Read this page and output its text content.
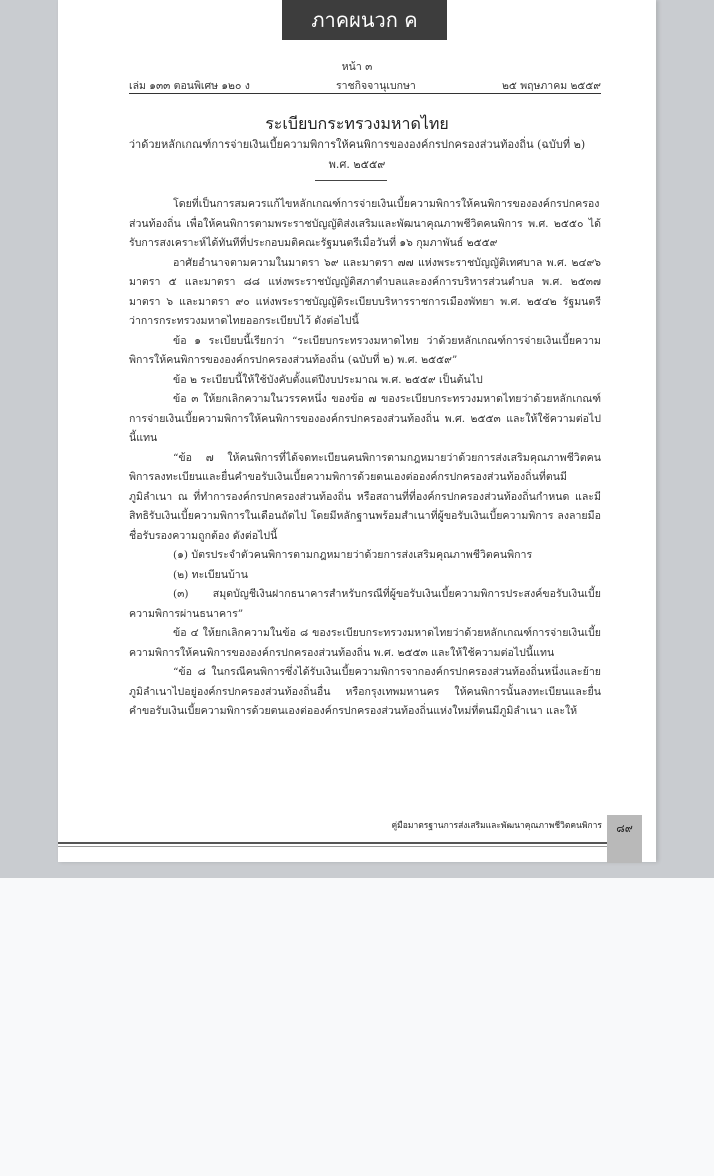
ภาคผนวก ค
หน้า ๓
เล่ม ๑๓๓ ตอนพิเศษ ๑๒๐ ง	ราชกิจจานุเบกษา	๒๕ พฤษภาคม ๒๕๕๙
ระเบียบกระทรวงมหาดไทย
ว่าด้วยหลักเกณฑ์การจ่ายเงินเบี้ยความพิการให้คนพิการขององค์กรปกครองส่วนท้องถิ่น (ฉบับที่ ๒)
พ.ศ. ๒๕๕๙

โดยที่เป็นการสมควรแก้ไขหลักเกณฑ์การจ่ายเงินเบี้ยความพิการให้คนพิการขององค์กรปกครองส่วนท้องถิ่น เพื่อให้คนพิการตามพระราชบัญญัติส่งเสริมและพัฒนาคุณภาพชีวิตคนพิการ พ.ศ. ๒๕๕๐ ได้รับการสงเคราะห์ได้ทันทีที่ประกอบมติคณะรัฐมนตรีเมื่อวันที่ ๑๖ กุมภาพันธ์ ๒๕๕๙

อาศัยอำนาจตามความในมาตรา ๖๙ และมาตรา ๗๗ แห่งพระราชบัญญัติเทศบาล พ.ศ. ๒๔๙๖ มาตรา ๕ และมาตรา ๘๘ แห่งพระราชบัญญัติสภาตำบลและองค์การบริหารส่วนตำบล พ.ศ. ๒๕๓๗ มาตรา ๖ และมาตรา ๙๐ แห่งพระราชบัญญัติระเบียบบริหารราชการเมืองพัทยา พ.ศ. ๒๕๔๒ รัฐมนตรีว่าการกระทรวงมหาดไทยออกระเบียบไว้ ดังต่อไปนี้

ข้อ ๑ ระเบียบนี้เรียกว่า “ระเบียบกระทรวงมหาดไทย ว่าด้วยหลักเกณฑ์การจ่ายเงินเบี้ยความพิการให้คนพิการขององค์กรปกครองส่วนท้องถิ่น (ฉบับที่ ๒) พ.ศ. ๒๕๕๙”

ข้อ ๒ ระเบียบนี้ให้ใช้บังคับตั้งแต่ปีงบประมาณ พ.ศ. ๒๕๕๙ เป็นต้นไป

ข้อ ๓ ให้ยกเลิกความในวรรคหนึ่ง ของข้อ ๗ ของระเบียบกระทรวงมหาดไทยว่าด้วยหลักเกณฑ์การจ่ายเงินเบี้ยความพิการให้คนพิการขององค์กรปกครองส่วนท้องถิ่น พ.ศ. ๒๕๕๓ และให้ใช้ความต่อไปนี้แทน

“ข้อ ๗ ให้คนพิการที่ได้จดทะเบียนคนพิการตามกฎหมายว่าด้วยการส่งเสริมคุณภาพชีวิตคนพิการลงทะเบียนและยื่นคำขอรับเงินเบี้ยความพิการด้วยตนเองต่อองค์กรปกครองส่วนท้องถิ่นที่ตนมีภูมิลำเนา ณ ที่ทำการองค์กรปกครองส่วนท้องถิ่น หรือสถานที่ที่องค์กรปกครองส่วนท้องถิ่นกำหนด และมีสิทธิรับเงินเบี้ยความพิการในเดือนถัดไป โดยมีหลักฐานพร้อมสำเนาที่ผู้ขอรับเงินเบี้ยความพิการ ลงลายมือชื่อรับรองความถูกต้อง ดังต่อไปนี้

(๑) บัตรประจำตัวคนพิการตามกฎหมายว่าด้วยการส่งเสริมคุณภาพชีวิตคนพิการ

(๒) ทะเบียนบ้าน

(๓) สมุดบัญชีเงินฝากธนาคารสำหรับกรณีที่ผู้ขอรับเงินเบี้ยความพิการประสงค์ขอรับเงินเบี้ยความพิการผ่านธนาคาร”

ข้อ ๔ ให้ยกเลิกความในข้อ ๘ ของระเบียบกระทรวงมหาดไทยว่าด้วยหลักเกณฑ์การจ่ายเงินเบี้ยความพิการให้คนพิการขององค์กรปกครองส่วนท้องถิ่น พ.ศ. ๒๕๕๓ และให้ใช้ความต่อไปนี้แทน

“ข้อ ๘ ในกรณีคนพิการซึ่งได้รับเงินเบี้ยความพิการจากองค์กรปกครองส่วนท้องถิ่นหนึ่งและย้ายภูมิลำเนาไปอยู่องค์กรปกครองส่วนท้องถิ่นอื่น หรือกรุงเทพมหานคร ให้คนพิการนั้นลงทะเบียนและยื่นคำขอรับเงินเบี้ยความพิการด้วยตนเองต่อองค์กรปกครองส่วนท้องถิ่นแห่งใหม่ที่ตนมีภูมิลำเนา และให้

คู่มือมาตรฐานการส่งเสริมและพัฒนาคุณภาพชีวิตคนพิการ	๘๙
